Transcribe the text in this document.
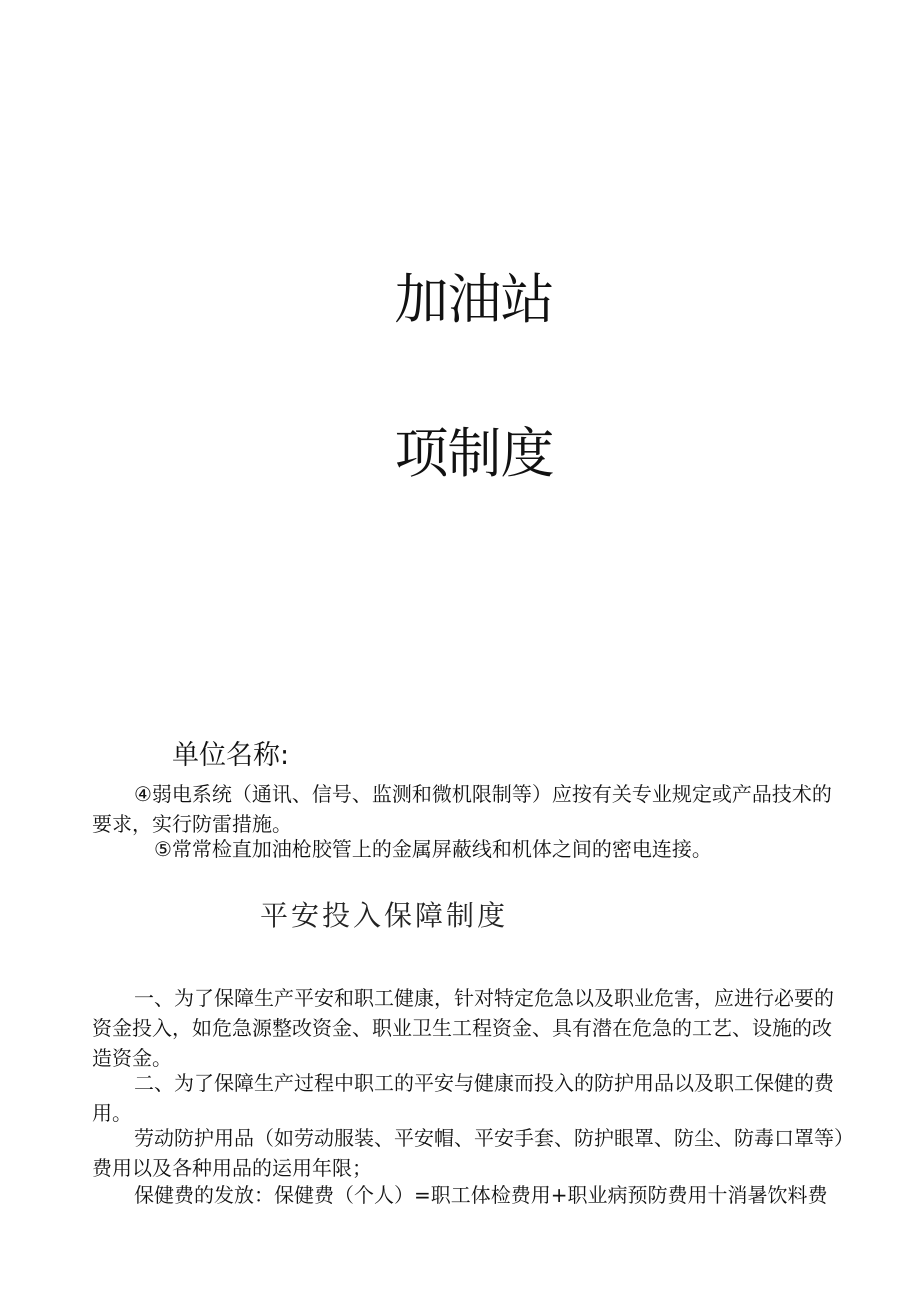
加油站
项制度
单位名称:
④弱电系统（通讯、信号、监测和微机限制等）应按有关专业规定或产品技术的
要求，实行防雷措施。
⑤常常检直加油枪胶管上的金属屏蔽线和机体之间的密电连接。
平安投入保障制度
一、为了保障生产平安和职工健康，针对特定危急以及职业危害，应进行必要的
资金投入，如危急源整改资金、职业卫生工程资金、具有潜在危急的工艺、设施的改
造资金。
二、为了保障生产过程中职工的平安与健康而投入的防护用品以及职工保健的费
用。
劳动防护用品（如劳动服装、平安帽、平安手套、防护眼罩、防尘、防毒口罩等）
费用以及各种用品的运用年限；
保健费的发放：保健费（个人）=职工体检费用+职业病预防费用十消暑饮料费
